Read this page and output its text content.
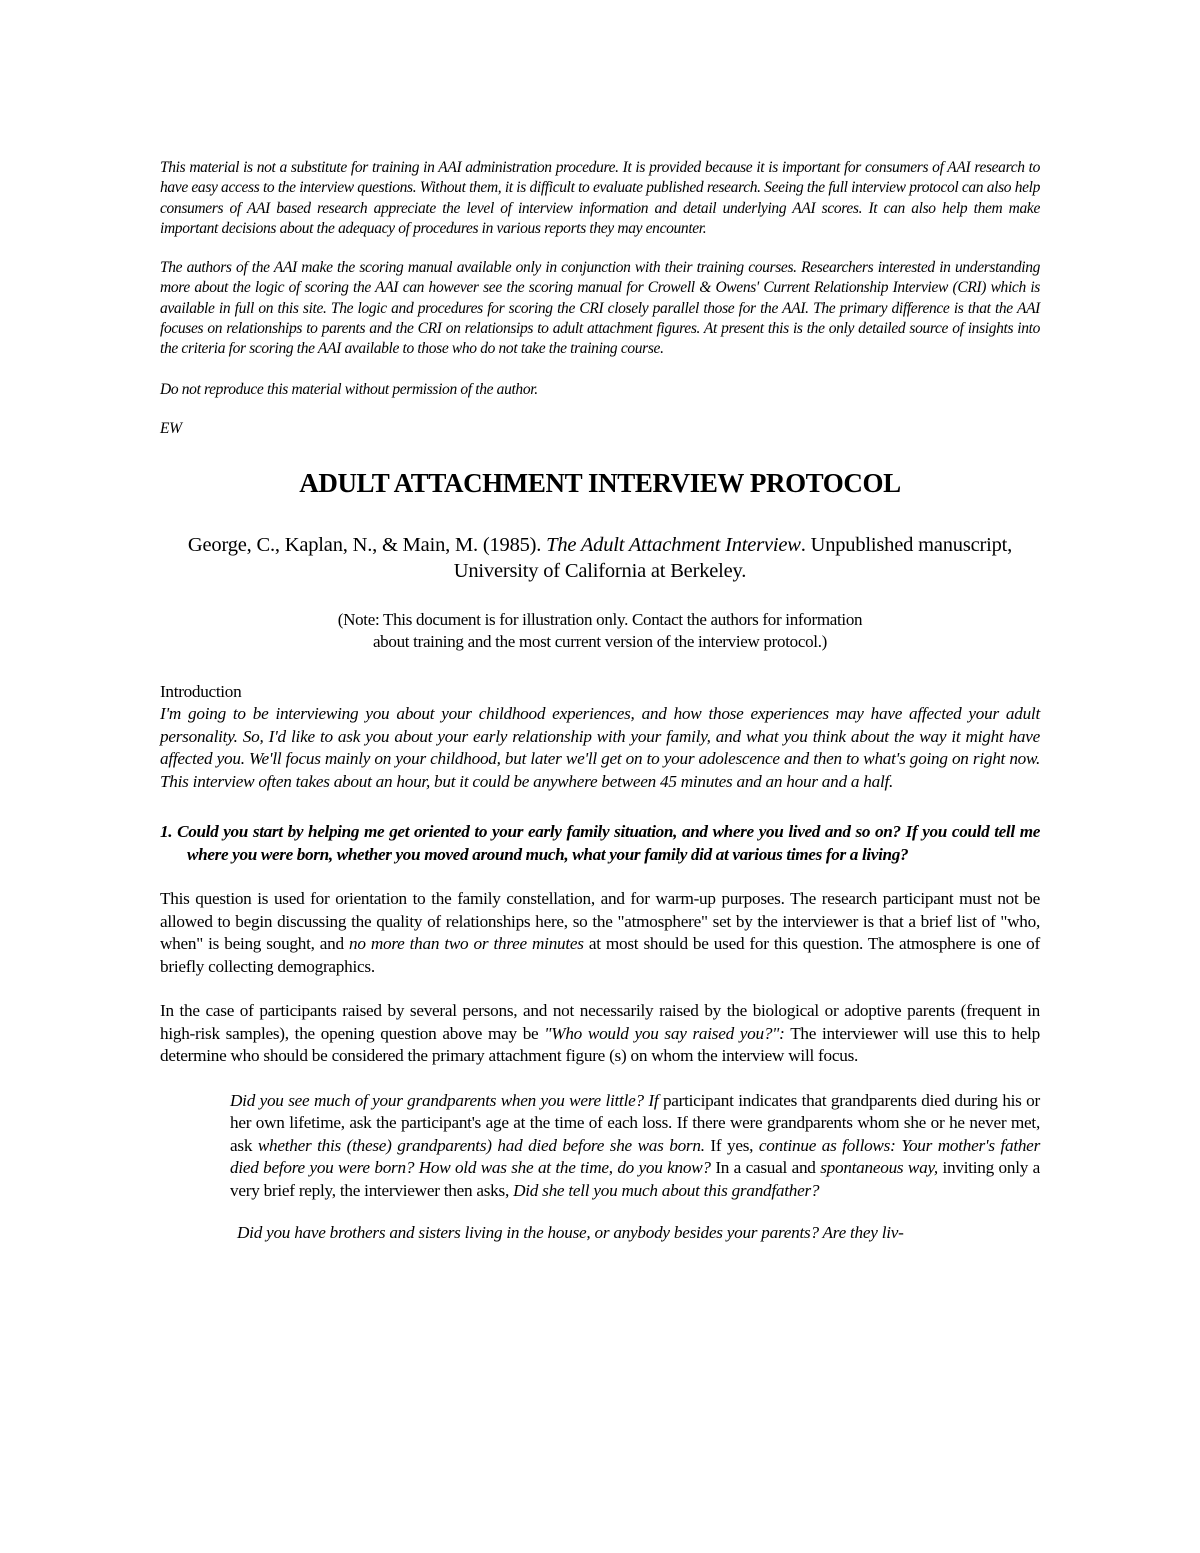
This material is not a substitute for training in AAI administration procedure. It is provided because it is important for consumers of AAI research to have easy access to the interview questions. Without them, it is difficult to evaluate published research. Seeing the full interview protocol can also help consumers of AAI based research appreciate the level of interview information and detail underlying AAI scores. It can also help them make important decisions about the adequacy of procedures in various reports they may encounter.

The authors of the AAI make the scoring manual available only in conjunction with their training courses. Researchers interested in understanding more about the logic of scoring the AAI can however see the scoring manual for Crowell & Owens' Current Relationship Interview (CRI) which is available in full on this site. The logic and procedures for scoring the CRI closely parallel those for the AAI. The primary difference is that the AAI focuses on relationships to parents and the CRI on relationsips to adult attachment figures. At present this is the only detailed source of insights into the criteria for scoring the AAI available to those who do not take the training course.

Do not reproduce this material without permission of the author.

EW

ADULT ATTACHMENT INTERVIEW PROTOCOL

George, C., Kaplan, N., & Main, M. (1985). The Adult Attachment Interview. Unpublished manuscript, University of California at Berkeley.

(Note: This document is for illustration only. Contact the authors for information
about training and the most current version of the interview protocol.)
Introduction

I'm going to be interviewing you about your childhood experiences, and how those experiences may have affected your adult personality. So, I'd like to ask you about your early relationship with your family, and what you think about the way it might have affected you. We'll focus mainly on your childhood, but later we'll get on to your adolescence and then to what's going on right now. This interview often takes about an hour, but it could be anywhere between 45 minutes and an hour and a half.

1. Could you start by helping me get oriented to your early family situation, and where you lived and so on? If you could tell me where you were born, whether you moved around much, what your family did at various times for a living?

This question is used for orientation to the family constellation, and for warm-up purposes. The research participant must not be allowed to begin discussing the quality of relationships here, so the "atmosphere" set by the interviewer is that a brief list of "who, when" is being sought, and no more than two or three minutes at most should be used for this question. The atmosphere is one of briefly collecting demographics.

In the case of participants raised by several persons, and not necessarily raised by the biological or adoptive parents (frequent in high-risk samples), the opening question above may be "Who would you say raised you?": The interviewer will use this to help determine who should be considered the primary attachment figure (s) on whom the interview will focus.

Did you see much of your grandparents when you were little? If participant indicates that grandparents died during his or her own lifetime, ask the participant's age at the time of each loss. If there were grandparents whom she or he never met, ask whether this (these) grandparents) had died before she was born. If yes, continue as follows: Your mother's father died before you were born? How old was she at the time, do you know? In a casual and spontaneous way, inviting only a very brief reply, the interviewer then asks, Did she tell you much about this grandfather?

Did you have brothers and sisters living in the house, or anybody besides your parents? Are they liv-
